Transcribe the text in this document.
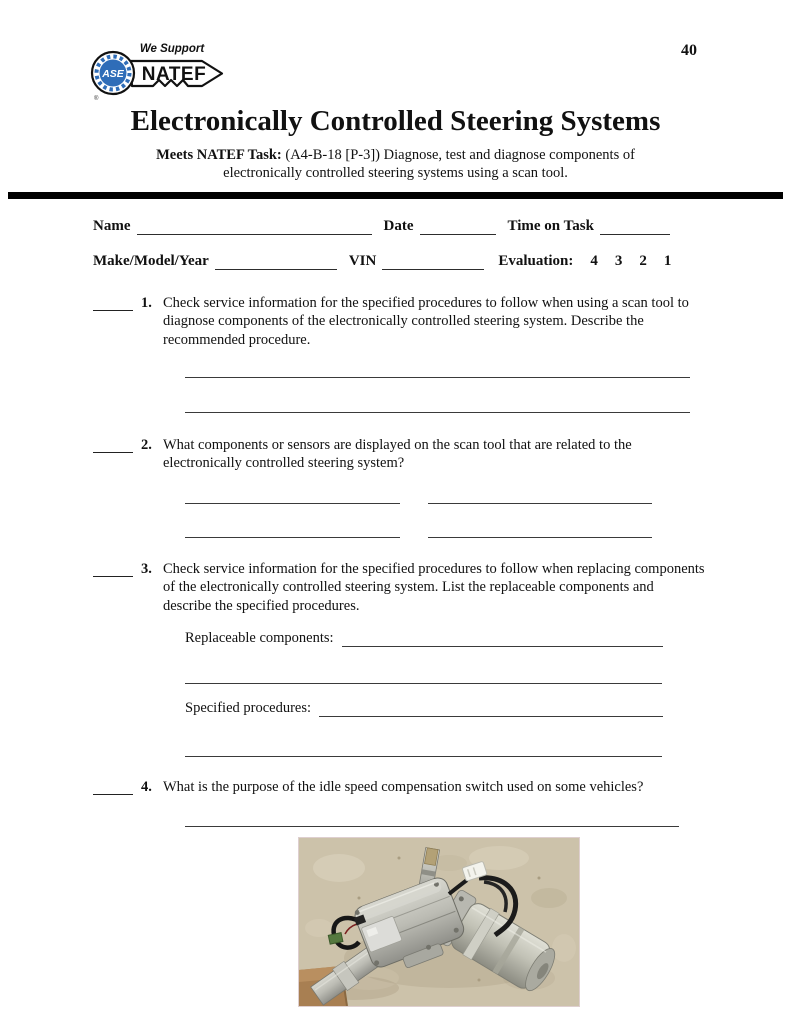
ASE
We Support
NATEF
®
40
Electronically Controlled Steering Systems
Meets NATEF Task: (A4-B-18 [P-3]) Diagnose, test and diagnose components of electronically controlled steering systems using a scan tool.
Name	Date	Time on Task
Make/Model/Year	VIN	Evaluation: 4 3 2 1
1. Check service information for the specified procedures to follow when using a scan tool to diagnose components of the electronically controlled steering system. Describe the recommended procedure.
2. What components or sensors are displayed on the scan tool that are related to the electronically controlled steering system?
3. Check service information for the specified procedures to follow when replacing components of the electronically controlled steering system. List the replaceable components and describe the specified procedures.
Replaceable components:
Specified procedures:
4. What is the purpose of the idle speed compensation switch used on some vehicles?
